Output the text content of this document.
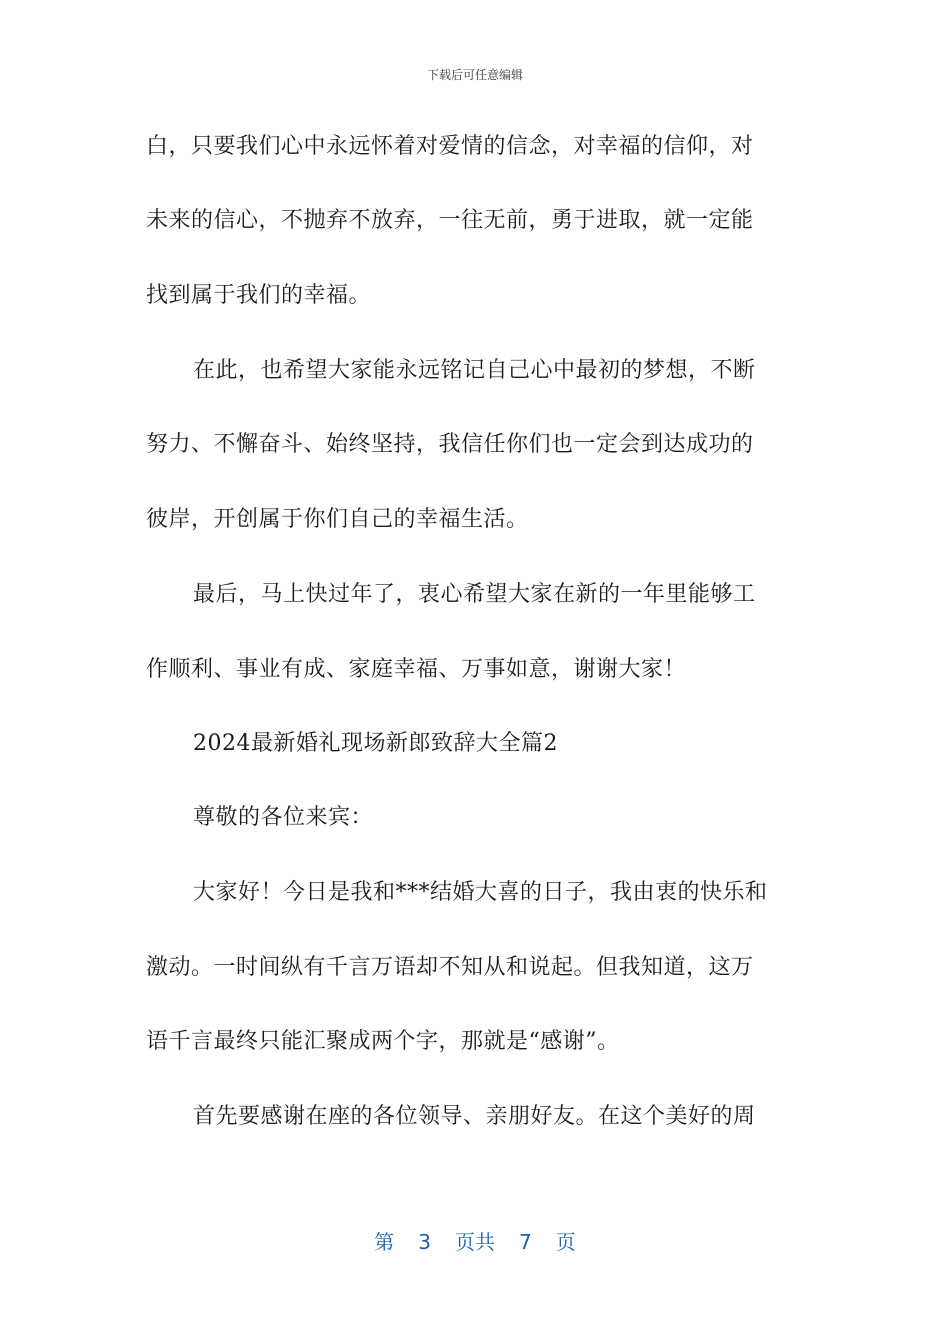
下载后可任意编辑
白，只要我们心中永远怀着对爱情的信念，对幸福的信仰，对
未来的信心，不抛弃不放弃，一往无前，勇于进取，就一定能
找到属于我们的幸福。
在此，也希望大家能永远铭记自己心中最初的梦想，不断
努力、不懈奋斗、始终坚持，我信任你们也一定会到达成功的
彼岸，开创属于你们自己的幸福生活。
最后，马上快过年了，衷心希望大家在新的一年里能够工
作顺利、事业有成、家庭幸福、万事如意，谢谢大家！
2024最新婚礼现场新郎致辞大全篇2
尊敬的各位来宾：
大家好！今日是我和***结婚大喜的日子，我由衷的快乐和
激动。一时间纵有千言万语却不知从和说起。但我知道，这万
语千言最终只能汇聚成两个字，那就是“感谢”。
首先要感谢在座的各位领导、亲朋好友。在这个美好的周
第 3 页共 7 页
